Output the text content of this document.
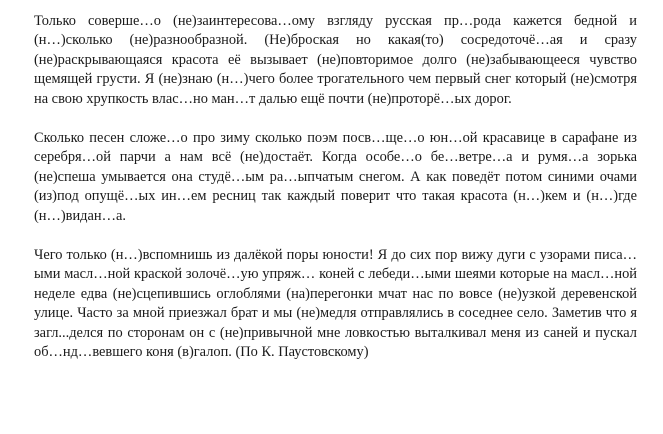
Только соверше…о (не)заинтересова…ому взгляду русская пр…рода кажется бедной и (н…)сколько (не)разнообразной. (Не)броская но какая(то) сосредоточё…ая и сразу (не)раскрывающаяся красота её вызывает (не)повторимое долго (не)забывающееся чувство щемящей грусти. Я (не)знаю (н…)чего более трогательного чем первый снег который (не)смотря на свою хрупкость влас…но ман…т далью ещё почти (не)проторё…ых дорог.

Сколько песен сложе…о про зиму сколько поэм посв…ще…о юн…ой красавице в сарафане из серебря…ой парчи а нам всё (не)достаёт. Когда особе…о бе…ветре…а и румя…а зорька (не)спеша умывается она студё…ым ра…ыпчатым снегом. А как поведёт потом синими очами (из)под опущё…ых ин…ем ресниц так каждый поверит что такая красота (н…)кем и (н…)где (н…)видан…а.

Чего только (н…)вспомнишь из далёкой поры юности! Я до сих пор вижу дуги с узорами писа…ыми масл…ной краской золочё…ую упряж… коней с лебеди…ыми шеями которые на масл…ной неделе едва (не)сцепившись оглоблями (на)перегонки мчат нас по вовсе (не)узкой деревенской улице. Часто за мной приезжал брат и мы (не)медля отправлялись в соседнее село. Заметив что я загл...делся по сторонам он с (не)привычной мне ловкостью выталкивал меня из саней и пускал об…нд…вевшего коня (в)галоп. (По К. Паустовскому)
